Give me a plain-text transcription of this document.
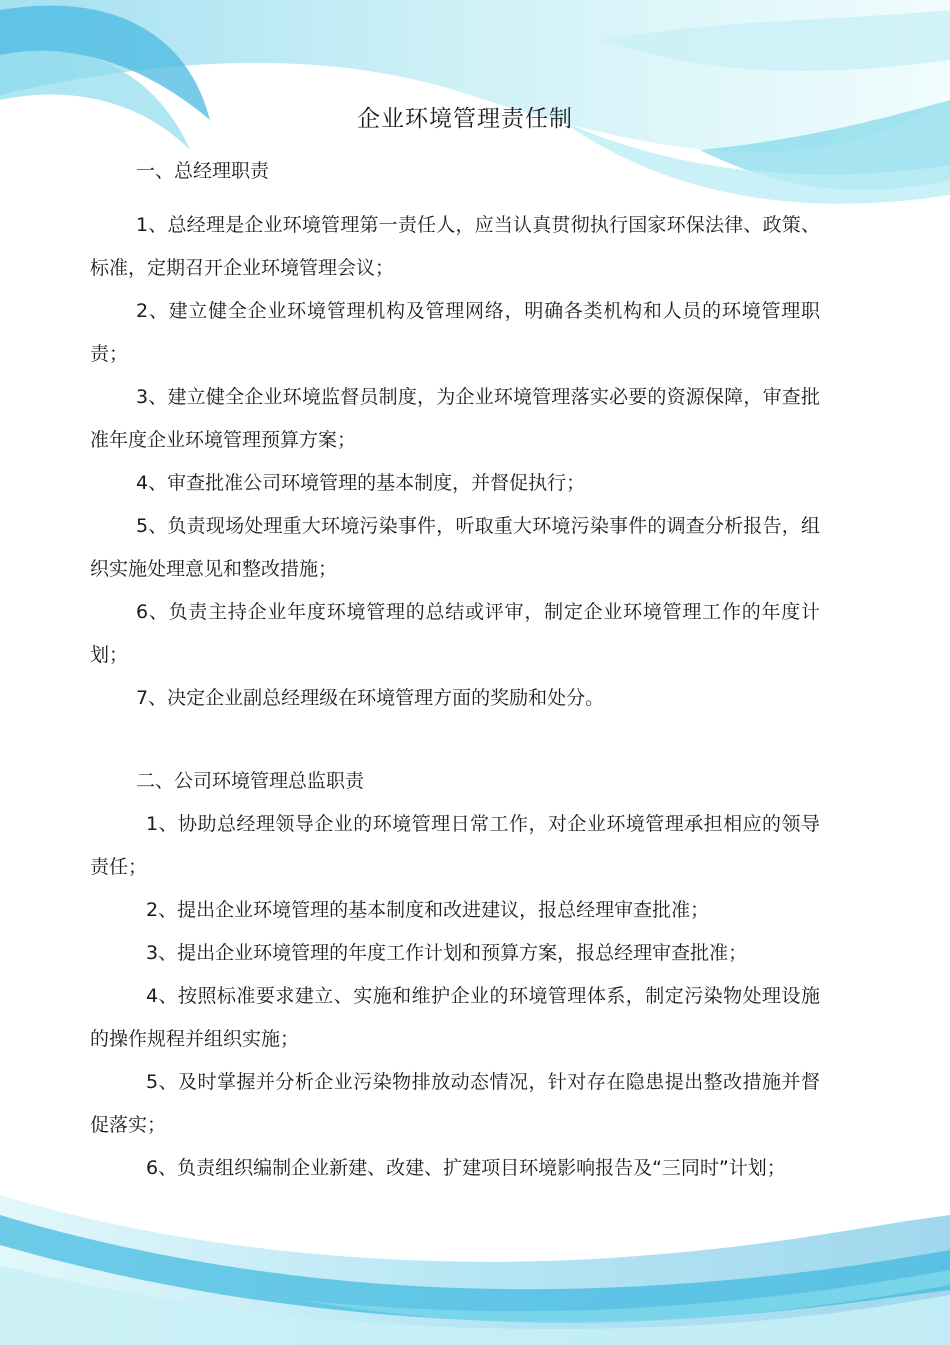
企业环境管理责任制

一、总经理职责

1、总经理是企业环境管理第一责任人，应当认真贯彻执行国家环保法律、政策、标准，定期召开企业环境管理会议；

2、建立健全企业环境管理机构及管理网络，明确各类机构和人员的环境管理职责；

3、建立健全企业环境监督员制度，为企业环境管理落实必要的资源保障，审查批准年度企业环境管理预算方案；

4、审查批准公司环境管理的基本制度，并督促执行；

5、负责现场处理重大环境污染事件，听取重大环境污染事件的调查分析报告，组织实施处理意见和整改措施；

6、负责主持企业年度环境管理的总结或评审，制定企业环境管理工作的年度计划；

7、决定企业副总经理级在环境管理方面的奖励和处分。

二、公司环境管理总监职责

1、协助总经理领导企业的环境管理日常工作，对企业环境管理承担相应的领导责任；

2、提出企业环境管理的基本制度和改进建议，报总经理审查批准；

3、提出企业环境管理的年度工作计划和预算方案，报总经理审查批准；

4、按照标准要求建立、实施和维护企业的环境管理体系，制定污染物处理设施的操作规程并组织实施；

5、及时掌握并分析企业污染物排放动态情况，针对存在隐患提出整改措施并督促落实；

6、负责组织编制企业新建、改建、扩建项目环境影响报告及“三同时”计划；
